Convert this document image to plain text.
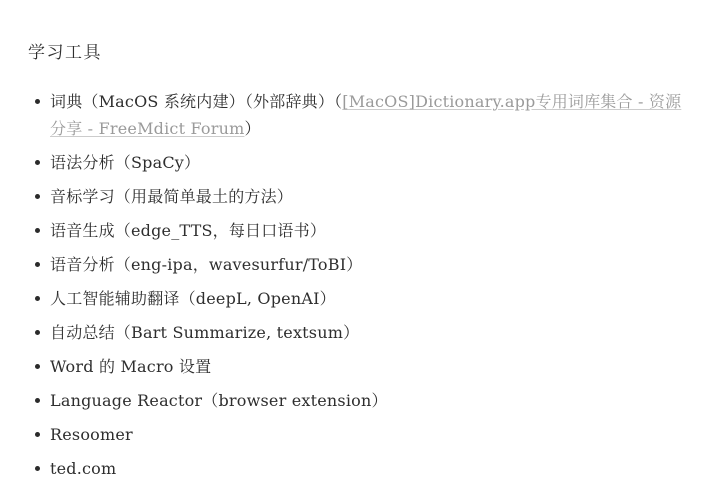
学习工具
词典（MacOS 系统内建）（外部辞典）（[MacOS]Dictionary.app专用词库集合 - 资源分享 - FreeMdict Forum）
语法分析（SpaCy）
音标学习（用最简单最土的方法）
语音生成（edge_TTS，每日口语书）
语音分析（eng-ipa，wavesurfur/ToBI）
人工智能辅助翻译（deepL, OpenAI）
自动总结（Bart Summarize, textsum）
Word 的 Macro 设置
Language Reactor（browser extension）
Resoomer
ted.com
